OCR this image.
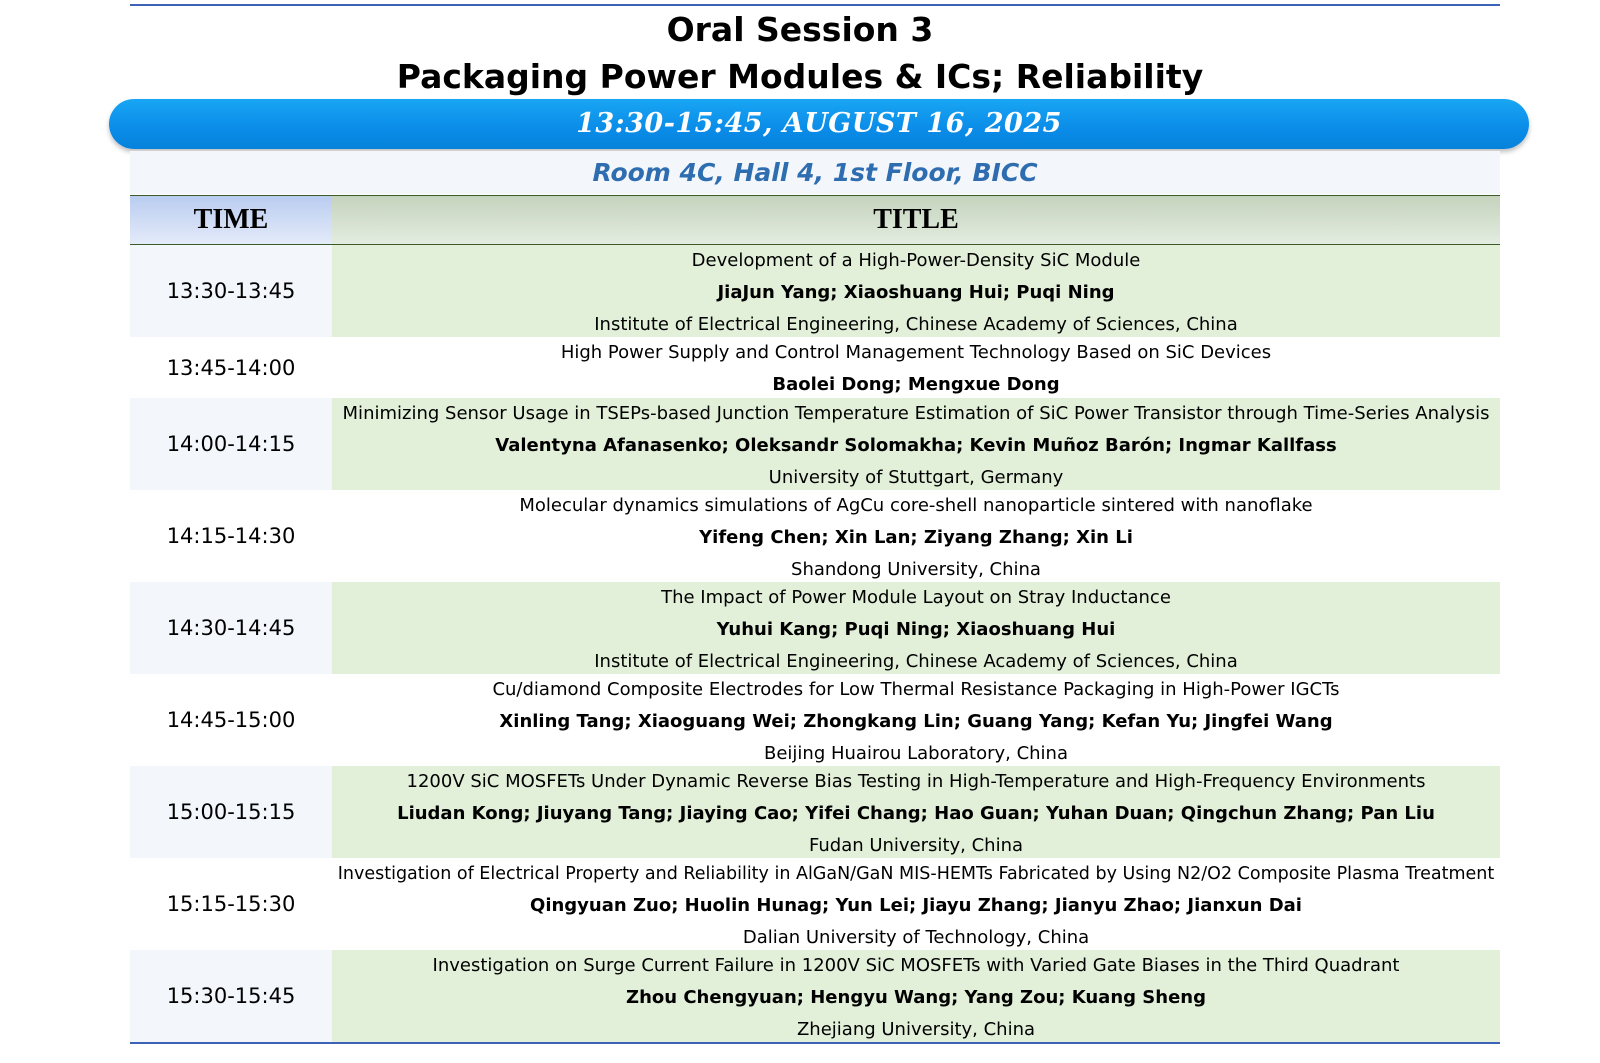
Oral Session 3
Packaging Power Modules & ICs; Reliability
13:30-15:45, AUGUST 16, 2025
Room 4C, Hall 4, 1st Floor, BICC
TIME	TITLE
13:30-13:45
Development of a High-Power-Density SiC Module
JiaJun Yang; Xiaoshuang Hui; Puqi Ning
Institute of Electrical Engineering, Chinese Academy of Sciences, China
13:45-14:00
High Power Supply and Control Management Technology Based on SiC Devices
Baolei Dong; Mengxue Dong
14:00-14:15
Minimizing Sensor Usage in TSEPs-based Junction Temperature Estimation of SiC Power Transistor through Time-Series Analysis
Valentyna Afanasenko; Oleksandr Solomakha; Kevin Muñoz Barón; Ingmar Kallfass
University of Stuttgart, Germany
14:15-14:30
Molecular dynamics simulations of AgCu core-shell nanoparticle sintered with nanoflake
Yifeng Chen; Xin Lan; Ziyang Zhang; Xin Li
Shandong University, China
14:30-14:45
The Impact of Power Module Layout on Stray Inductance
Yuhui Kang; Puqi Ning; Xiaoshuang Hui
Institute of Electrical Engineering, Chinese Academy of Sciences, China
14:45-15:00
Cu/diamond Composite Electrodes for Low Thermal Resistance Packaging in High-Power IGCTs
Xinling Tang; Xiaoguang Wei; Zhongkang Lin; Guang Yang; Kefan Yu; Jingfei Wang
Beijing Huairou Laboratory, China
15:00-15:15
1200V SiC MOSFETs Under Dynamic Reverse Bias Testing in High-Temperature and High-Frequency Environments
Liudan Kong; Jiuyang Tang; Jiaying Cao; Yifei Chang; Hao Guan; Yuhan Duan; Qingchun Zhang; Pan Liu
Fudan University, China
15:15-15:30
Investigation of Electrical Property and Reliability in AlGaN/GaN MIS-HEMTs Fabricated by Using N2/O2 Composite Plasma Treatment
Qingyuan Zuo; Huolin Hunag; Yun Lei; Jiayu Zhang; Jianyu Zhao; Jianxun Dai
Dalian University of Technology, China
15:30-15:45
Investigation on Surge Current Failure in 1200V SiC MOSFETs with Varied Gate Biases in the Third Quadrant
Zhou Chengyuan; Hengyu Wang; Yang Zou; Kuang Sheng
Zhejiang University, China
